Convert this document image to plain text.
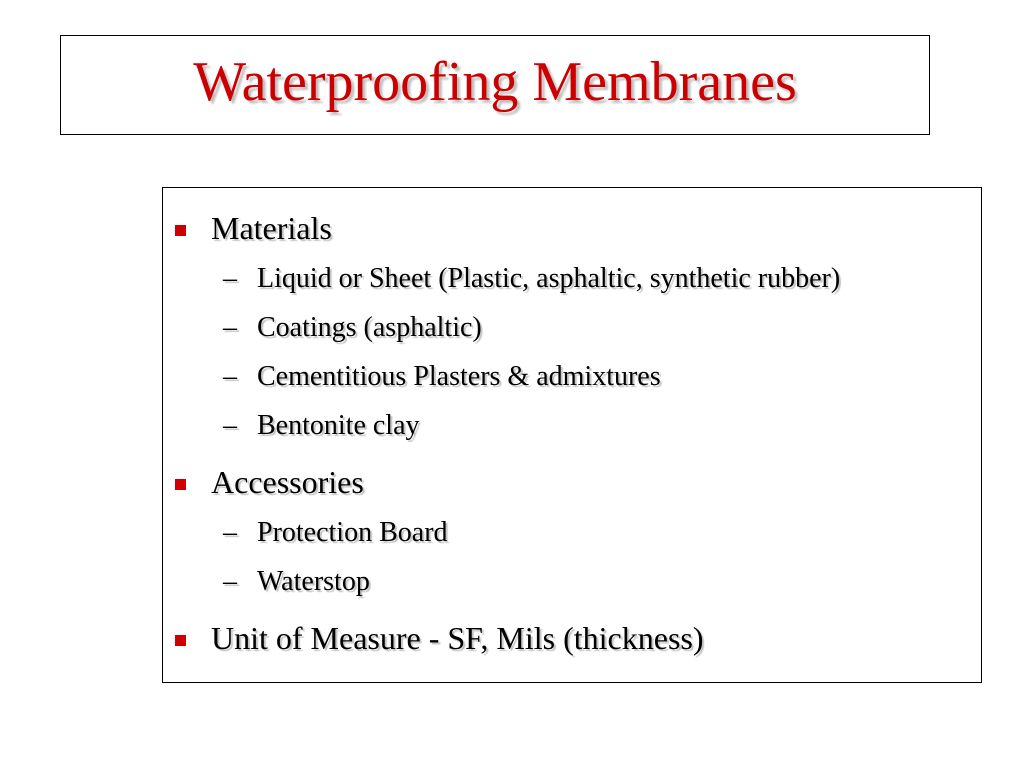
Waterproofing Membranes
Materials
– Liquid or Sheet (Plastic, asphaltic, synthetic rubber)
– Coatings (asphaltic)
– Cementitious Plasters & admixtures
– Bentonite clay
Accessories
– Protection Board
– Waterstop
Unit of Measure - SF, Mils (thickness)
